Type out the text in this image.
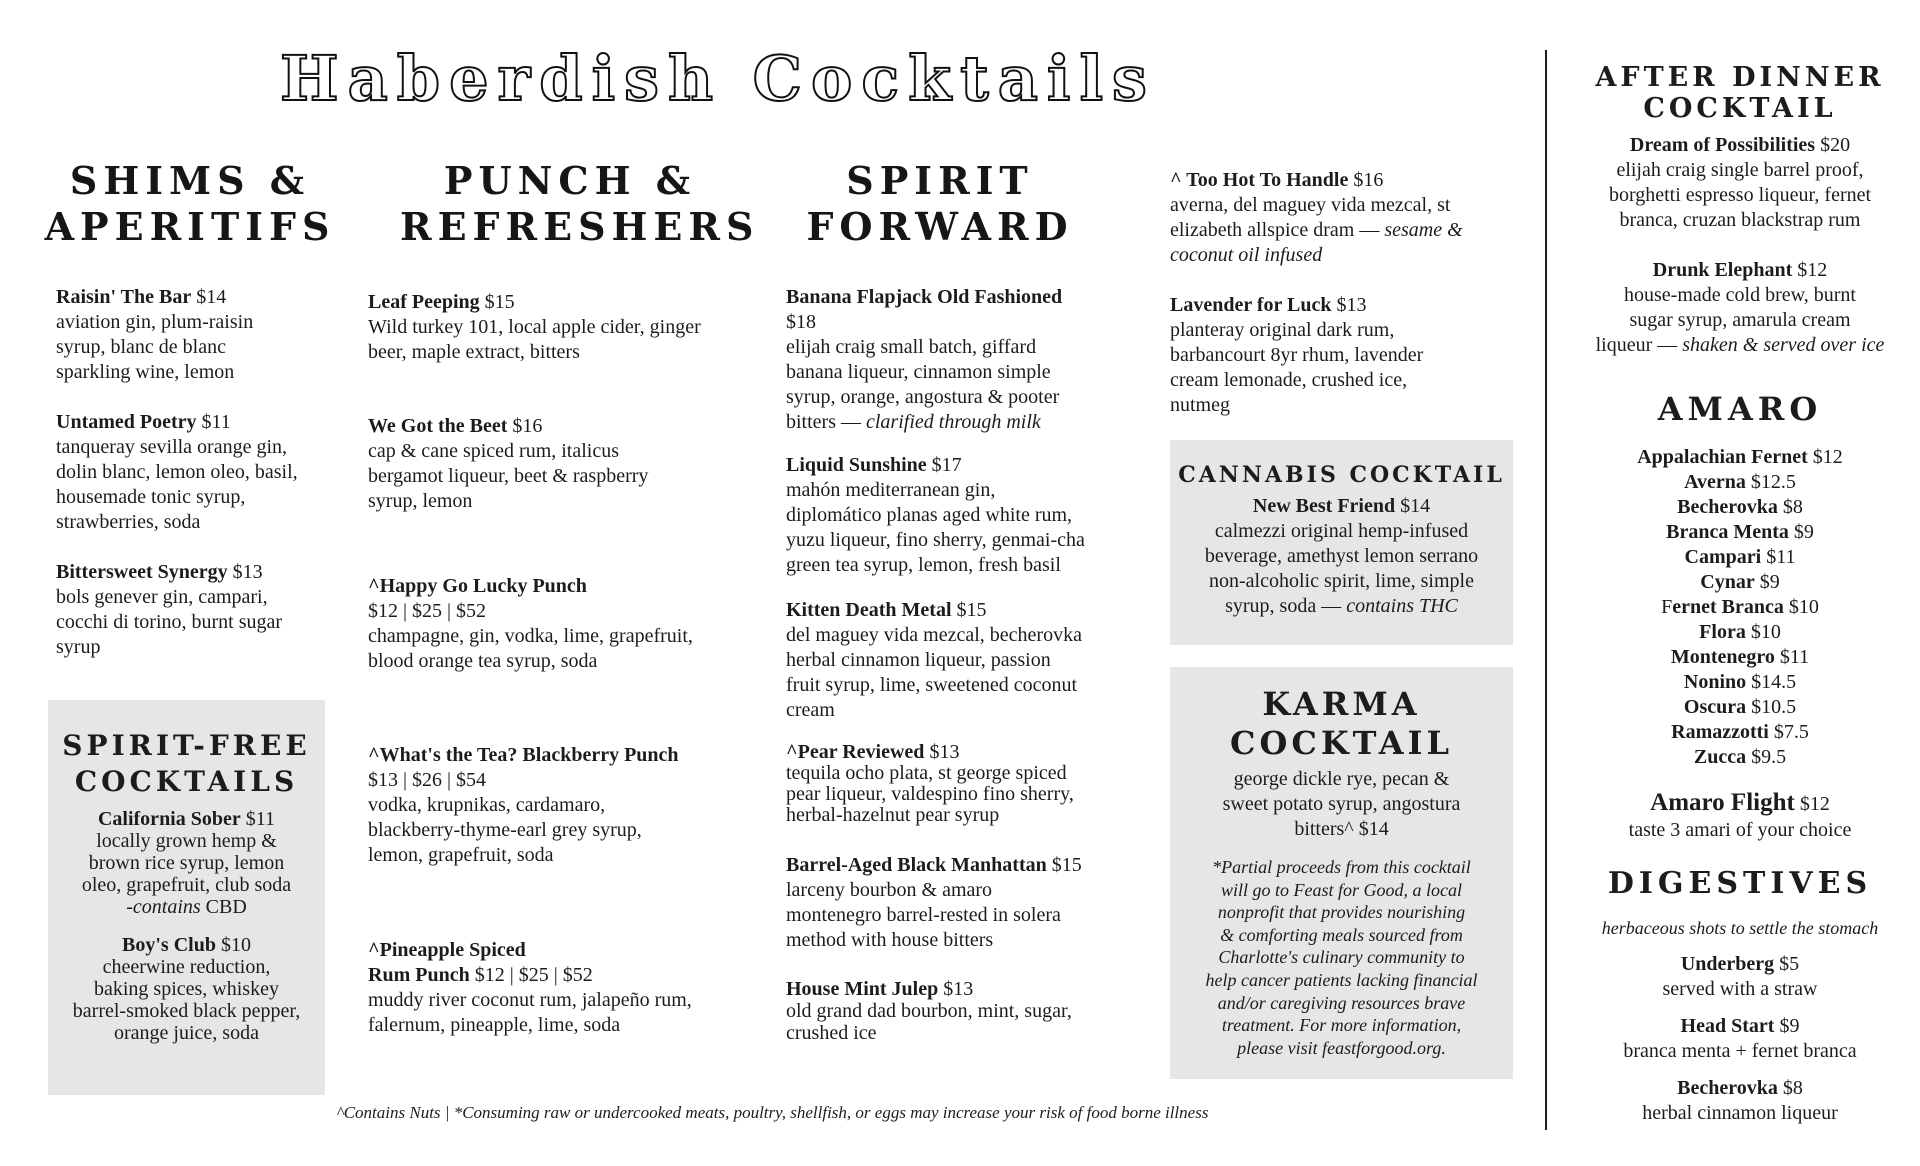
Haberdish Cocktails
SHIMS &
APERITIFS
Raisin' The Bar $14
aviation gin, plum-raisin
syrup, blanc de blanc
sparkling wine, lemon
Untamed Poetry $11
tanqueray sevilla orange gin,
dolin blanc, lemon oleo, basil,
housemade tonic syrup,
strawberries, soda
Bittersweet Synergy $13
bols genever gin, campari,
cocchi di torino, burnt sugar
syrup
SPIRIT-FREE
COCKTAILS
California Sober $11
locally grown hemp &
brown rice syrup, lemon
oleo, grapefruit, club soda
-contains CBD
Boy's Club $10
cheerwine reduction,
baking spices, whiskey
barrel-smoked black pepper,
orange juice, soda
PUNCH &
REFRESHERS
Leaf Peeping $15
Wild turkey 101, local apple cider, ginger
beer, maple extract, bitters
We Got the Beet $16
cap & cane spiced rum, italicus
bergamot liqueur, beet & raspberry
syrup, lemon
^Happy Go Lucky Punch
$12 | $25 | $52
champagne, gin, vodka, lime, grapefruit,
blood orange tea syrup, soda
^What's the Tea? Blackberry Punch
$13 | $26 | $54
vodka, krupnikas, cardamaro,
blackberry-thyme-earl grey syrup,
lemon, grapefruit, soda
^Pineapple Spiced
Rum Punch $12 | $25 | $52
muddy river coconut rum, jalapeño rum,
falernum, pineapple, lime, soda
SPIRIT
FORWARD
Banana Flapjack Old Fashioned
$18
elijah craig small batch, giffard
banana liqueur, cinnamon simple
syrup, orange, angostura & pooter
bitters — clarified through milk
Liquid Sunshine $17
mahón mediterranean gin,
diplomático planas aged white rum,
yuzu liqueur, fino sherry, genmai-cha
green tea syrup, lemon, fresh basil
Kitten Death Metal $15
del maguey vida mezcal, becherovka
herbal cinnamon liqueur, passion
fruit syrup, lime, sweetened coconut
cream
^Pear Reviewed $13
tequila ocho plata, st george spiced
pear liqueur, valdespino fino sherry,
herbal-hazelnut pear syrup
Barrel-Aged Black Manhattan $15
larceny bourbon & amaro
montenegro barrel-rested in solera
method with house bitters
House Mint Julep $13
old grand dad bourbon, mint, sugar,
crushed ice
^ Too Hot To Handle $16
averna, del maguey vida mezcal, st
elizabeth allspice dram — sesame &
coconut oil infused
Lavender for Luck $13
planteray original dark rum,
barbancourt 8yr rhum, lavender
cream lemonade, crushed ice,
nutmeg
CANNABIS COCKTAIL
New Best Friend $14
calmezzi original hemp-infused
beverage, amethyst lemon serrano
non-alcoholic spirit, lime, simple
syrup, soda — contains THC
KARMA
COCKTAIL
george dickle rye, pecan &
sweet potato syrup, angostura
bitters^ $14
*Partial proceeds from this cocktail
will go to Feast for Good, a local
nonprofit that provides nourishing
& comforting meals sourced from
Charlotte's culinary community to
help cancer patients lacking financial
and/or caregiving resources brave
treatment. For more information,
please visit feastforgood.org.
AFTER DINNER
COCKTAIL
Dream of Possibilities $20
elijah craig single barrel proof,
borghetti espresso liqueur, fernet
branca, cruzan blackstrap rum
Drunk Elephant $12
house-made cold brew, burnt
sugar syrup, amarula cream
liqueur — shaken & served over ice
AMARO
Appalachian Fernet $12
Averna $12.5
Becherovka $8
Branca Menta $9
Campari $11
Cynar $9
Fernet Branca $10
Flora $10
Montenegro $11
Nonino $14.5
Oscura $10.5
Ramazzotti $7.5
Zucca $9.5
Amaro Flight $12
taste 3 amari of your choice
DIGESTIVES
herbaceous shots to settle the stomach
Underberg $5
served with a straw
Head Start $9
branca menta + fernet branca
Becherovka $8
herbal cinnamon liqueur
^Contains Nuts | *Consuming raw or undercooked meats, poultry, shellfish, or eggs may increase your risk of food borne illness
